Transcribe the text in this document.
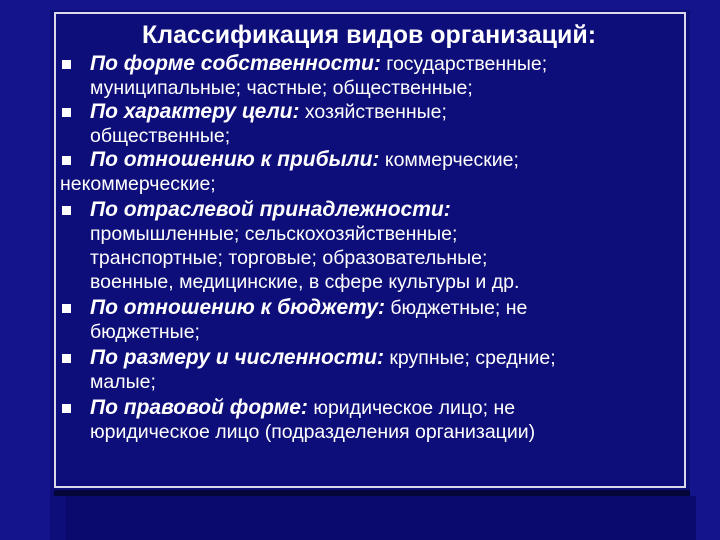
Классификация видов организаций:
По форме собственности: государственные;
муниципальные; частные; общественные;
По характеру цели: хозяйственные;
общественные;
По отношению к прибыли: коммерческие;
некоммерческие;
По отраслевой принадлежности:
промышленные; сельскохозяйственные;
транспортные; торговые; образовательные;
военные, медицинские, в сфере культуры и др.
По отношению к бюджету: бюджетные; не
бюджетные;
По размеру и численности: крупные; средние;
малые;
По правовой форме: юридическое лицо; не
юридическое лицо (подразделения организации)
